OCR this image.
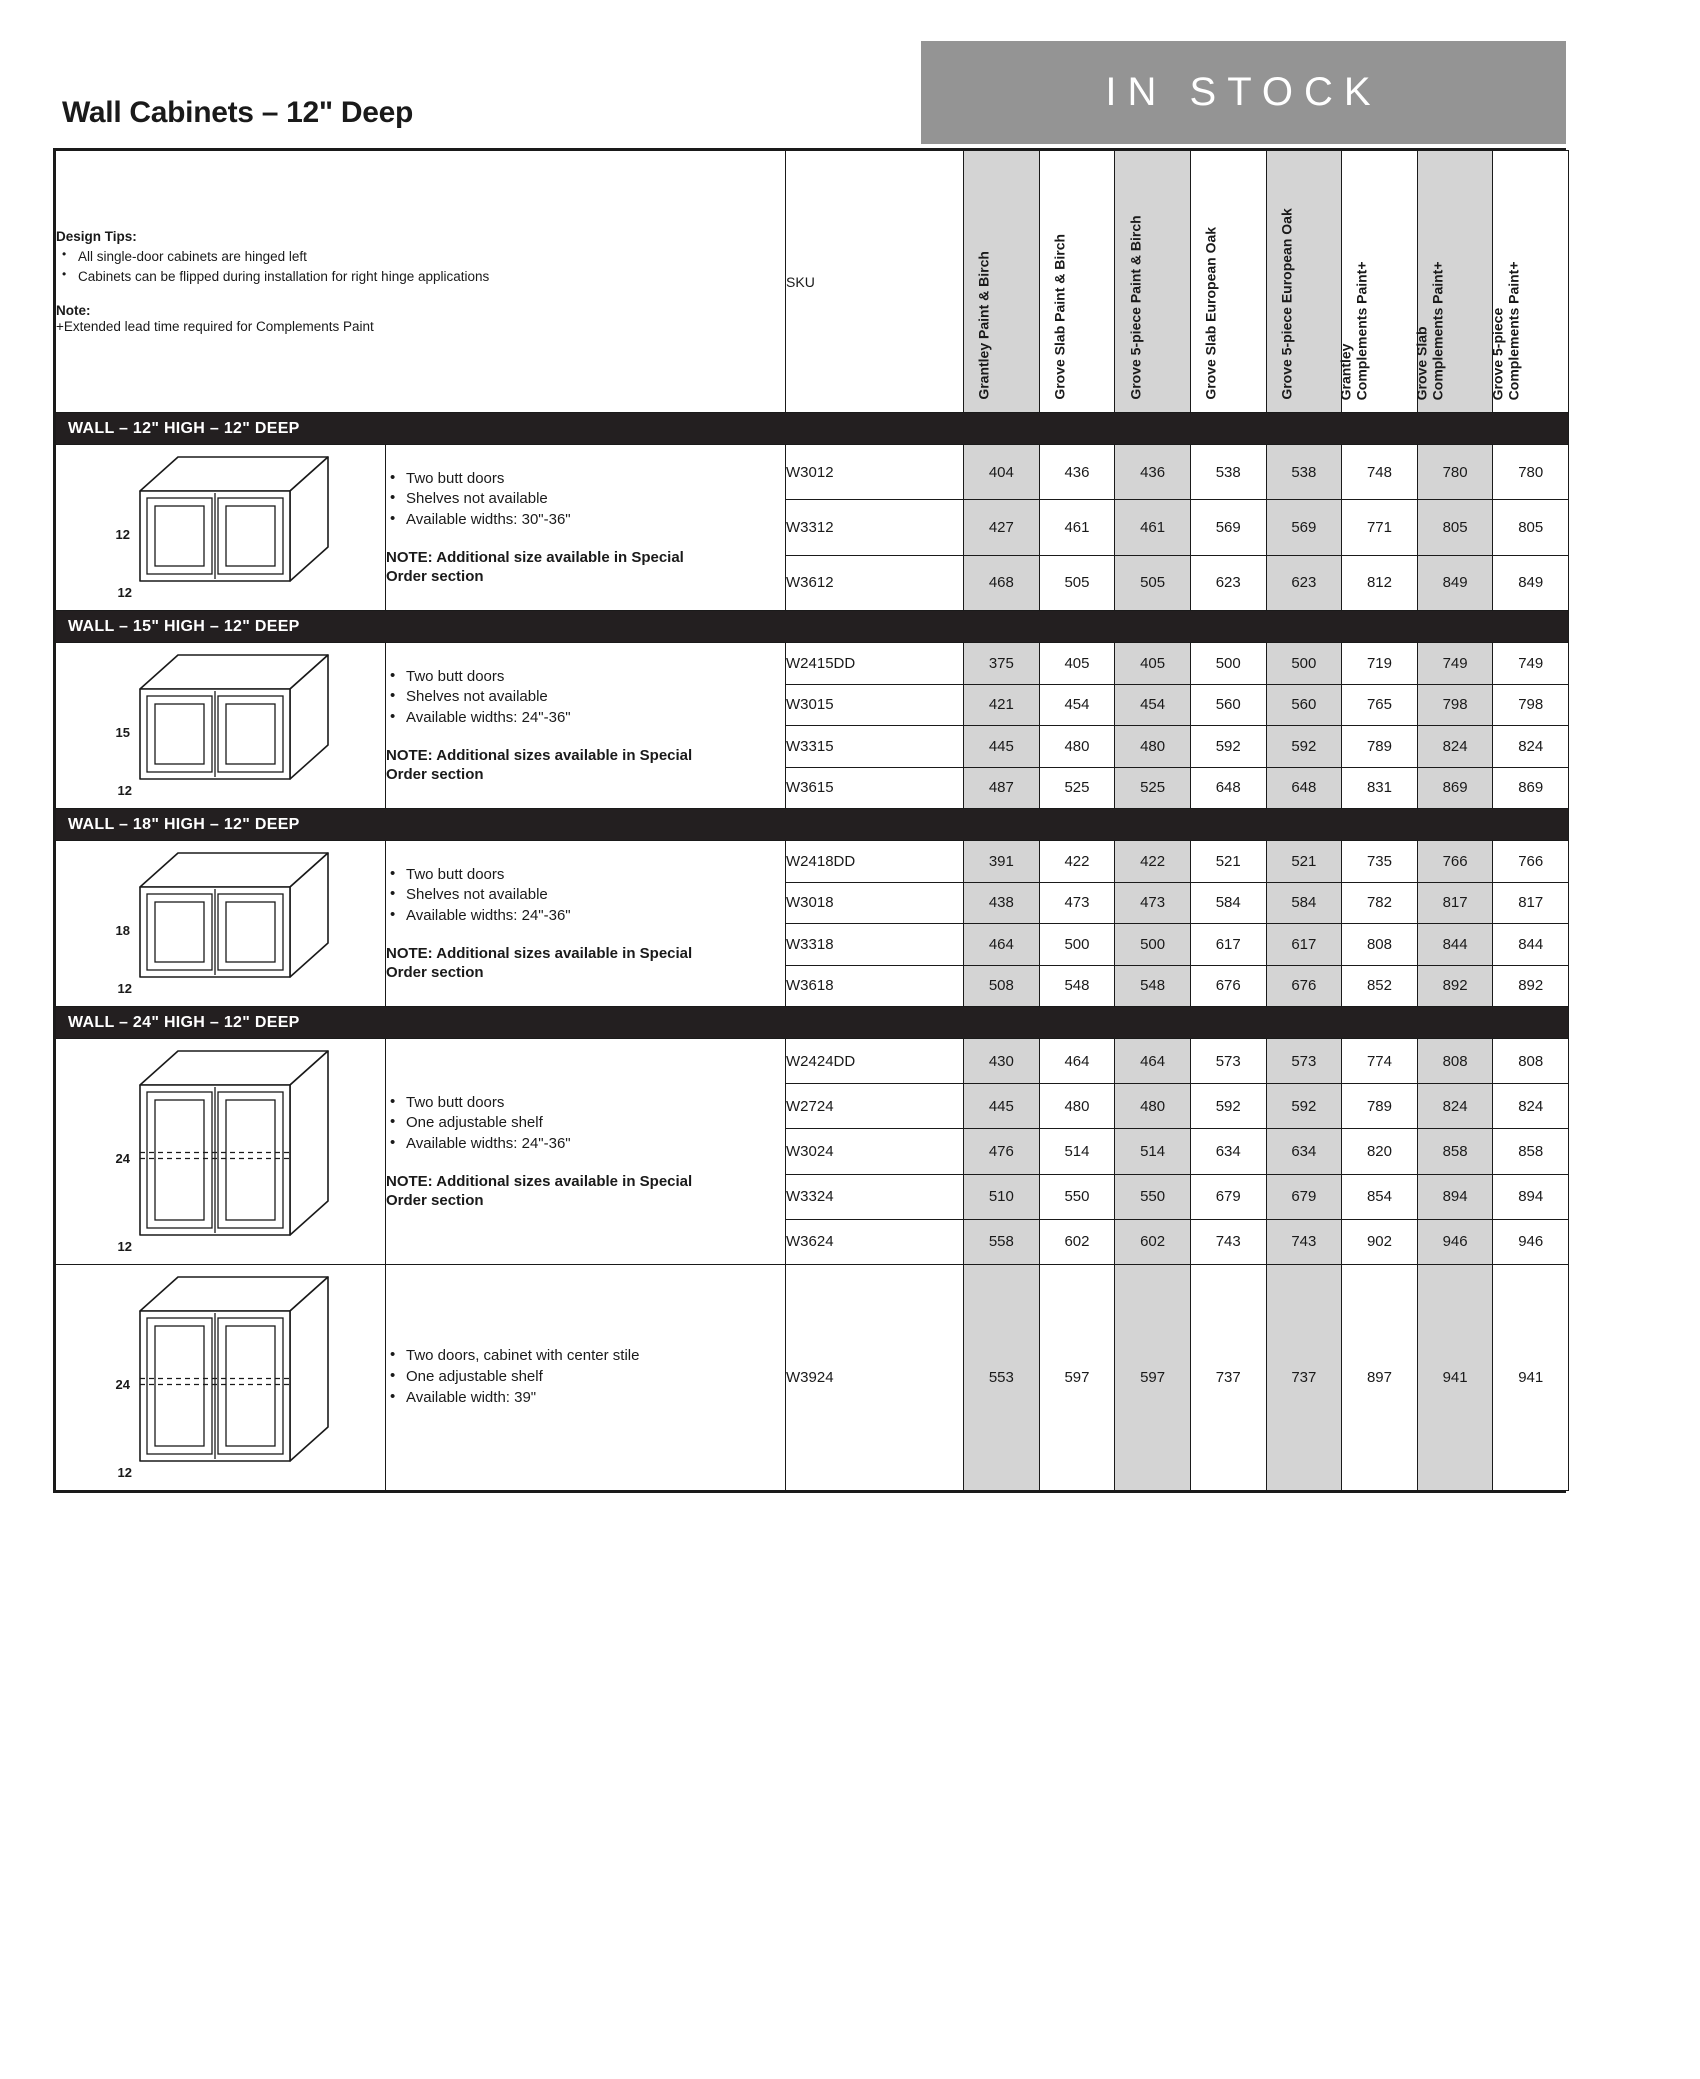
IN STOCK
Wall Cabinets – 12" Deep
Design Tips:
• All single-door cabinets are hinged left
• Cabinets can be flipped during installation for right hinge applications
Note:
+Extended lead time required for Complements Paint
	SKU	Grantley Paint & Birch	Grove Slab Paint & Birch	Grove 5-piece Paint & Birch	Grove Slab European Oak	Grove 5-piece European Oak	Grantley Complements Paint+	Grove Slab Complements Paint+	Grove 5-piece Complements Paint+

WALL – 12" HIGH – 12" DEEP										

12
12

• Two butt doors
• Shelves not available
• Available widths: 30"-36"
NOTE: Additional size available in Special Order section
	W3012	404	436	436	538	538	748	780	780
		W3312	427	461	461	569	569	771	805	805
		W3612	468	505	505	623	623	812	849	849
WALL – 15" HIGH – 12" DEEP										

15
12

• Two butt doors
• Shelves not available
• Available widths: 24"-36"
NOTE: Additional sizes available in Special Order section
	W2415DD	375	405	405	500	500	719	749	749
		W3015	421	454	454	560	560	765	798	798
		W3315	445	480	480	592	592	789	824	824
		W3615	487	525	525	648	648	831	869	869
WALL – 18" HIGH – 12" DEEP										

18
12

• Two butt doors
• Shelves not available
• Available widths: 24"-36"
NOTE: Additional sizes available in Special Order section
	W2418DD	391	422	422	521	521	735	766	766
		W3018	438	473	473	584	584	782	817	817
		W3318	464	500	500	617	617	808	844	844
		W3618	508	548	548	676	676	852	892	892
WALL – 24" HIGH – 12" DEEP										

24
12

• Two butt doors
• One adjustable shelf
• Available widths: 24"-36"
NOTE: Additional sizes available in Special Order section
	W2424DD	430	464	464	573	573	774	808	808
		W2724	445	480	480	592	592	789	824	824
		W3024	476	514	514	634	634	820	858	858
		W3324	510	550	550	679	679	854	894	894
		W3624	558	602	602	743	743	902	946	946

24
12

• Two doors, cabinet with center stile
• One adjustable shelf
• Available width: 39"
	W3924	553	597	597	737	737	897	941	941
